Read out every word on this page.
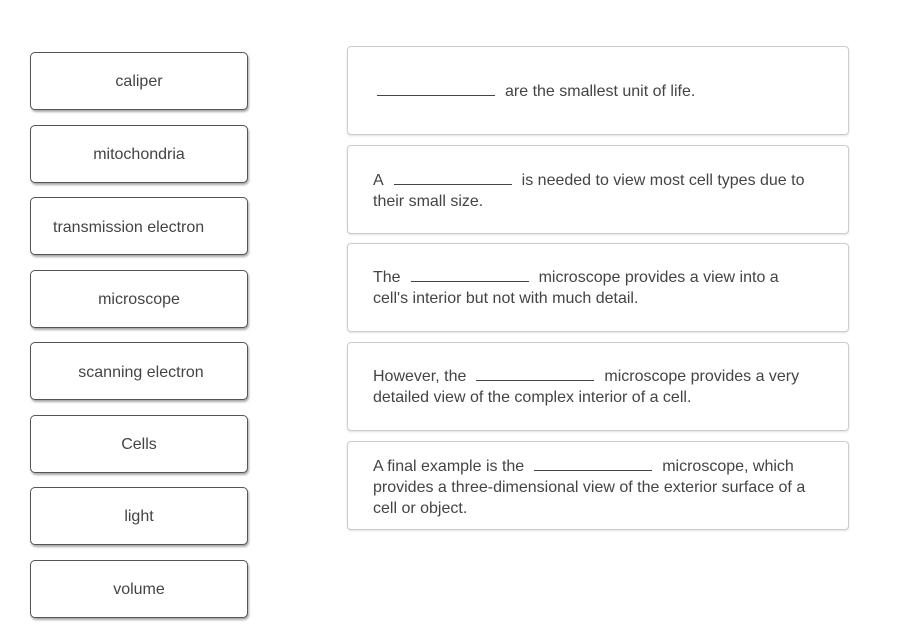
caliper
mitochondria
transmission electron
microscope
scanning electron
Cells
light
volume
are the smallest unit of life.
A	is needed to view most cell types due to their small size.
The	microscope provides a view into a cell's interior but not with much detail.
However, the	microscope provides a very detailed view of the complex interior of a cell.
A final example is the	microscope, which provides a three-dimensional view of the exterior surface of a cell or object.
